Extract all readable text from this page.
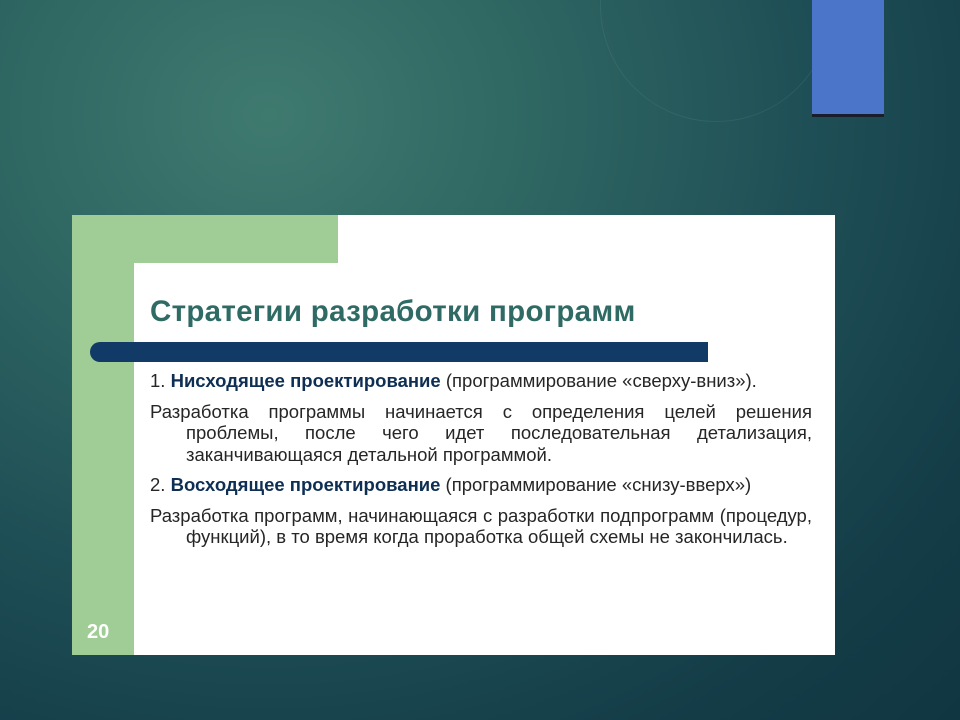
20
Стратегии разработки программ

1. Нисходящее проектирование (программирование «сверху-вниз»).

Разработка программы начинается с определения целей решения проблемы, после чего идет последовательная детализация, заканчивающаяся детальной программой.

2. Восходящее проектирование (программирование «снизу-вверх»)

Разработка программ, начинающаяся с разработки подпрограмм (процедур, функций), в то время когда проработка общей схемы не закончилась.
